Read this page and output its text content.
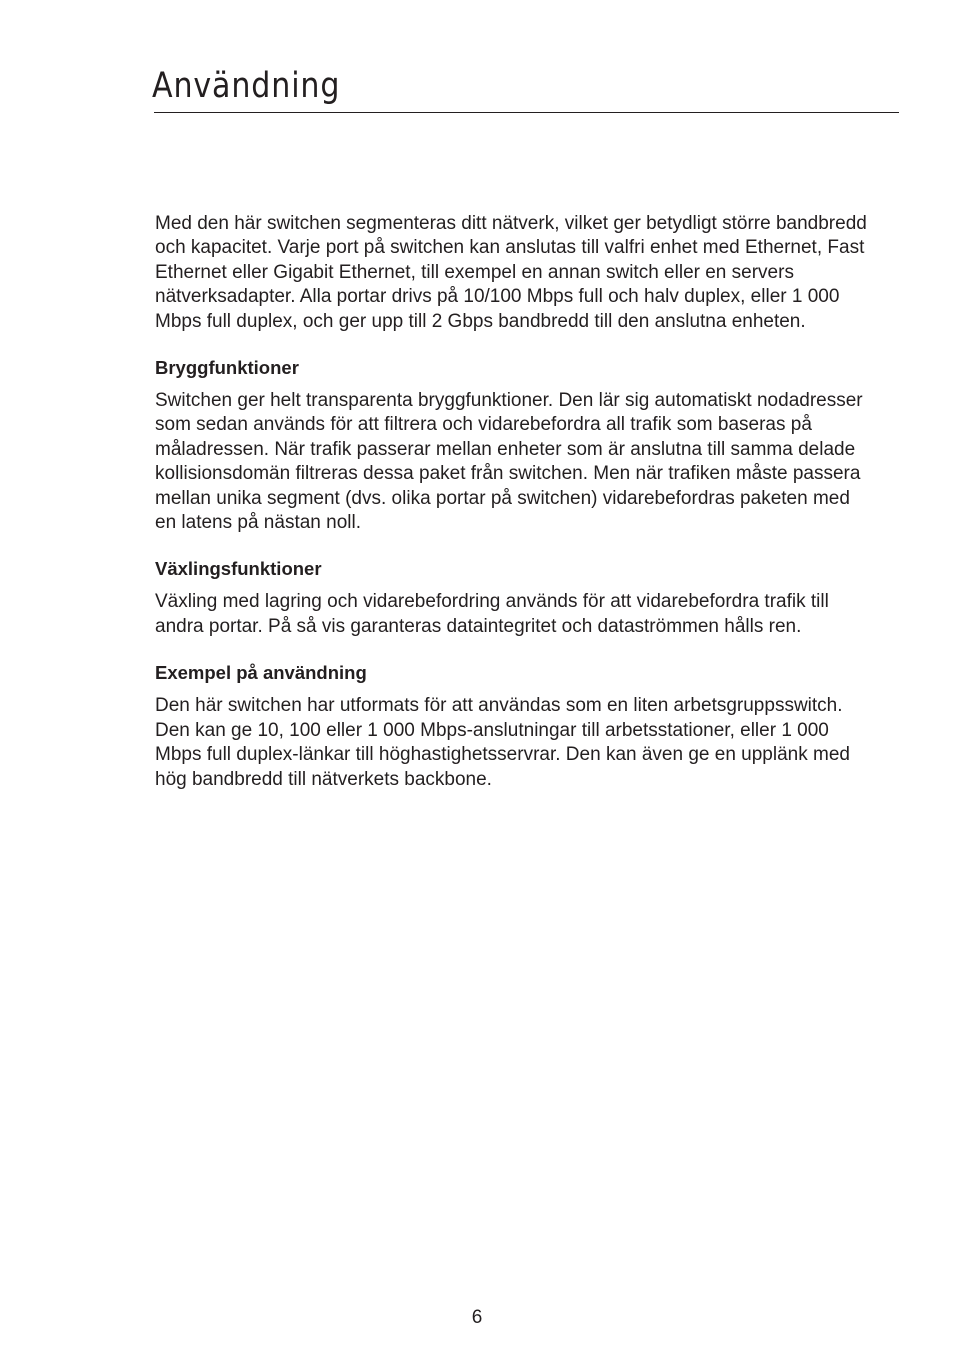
Användning

Med den här switchen segmenteras ditt nätverk, vilket ger betydligt större bandbredd och kapacitet. Varje port på switchen kan anslutas till valfri enhet med Ethernet, Fast Ethernet eller Gigabit Ethernet, till exempel en annan switch eller en servers nätverksadapter. Alla portar drivs på 10/100 Mbps full och halv duplex, eller 1 000 Mbps full duplex, och ger upp till 2 Gbps bandbredd till den anslutna enheten.

Bryggfunktioner

Switchen ger helt transparenta bryggfunktioner. Den lär sig automatiskt nodadresser som sedan används för att filtrera och vidarebefordra all trafik som baseras på måladressen. När trafik passerar mellan enheter som är anslutna till samma delade kollisionsdomän filtreras dessa paket från switchen. Men när trafiken måste passera mellan unika segment (dvs. olika portar på switchen) vidarebefordras paketen med en latens på nästan noll.

Växlingsfunktioner

Växling med lagring och vidarebefordring används för att vidarebefordra trafik till andra portar. På så vis garanteras dataintegritet och dataströmmen hålls ren.

Exempel på användning

Den här switchen har utformats för att användas som en liten arbetsgruppsswitch. Den kan ge 10, 100 eller 1 000 Mbps-anslutningar till arbetsstationer, eller 1 000 Mbps full duplex-länkar till höghastighetsservrar. Den kan även ge en upplänk med hög bandbredd till nätverkets backbone.

6
